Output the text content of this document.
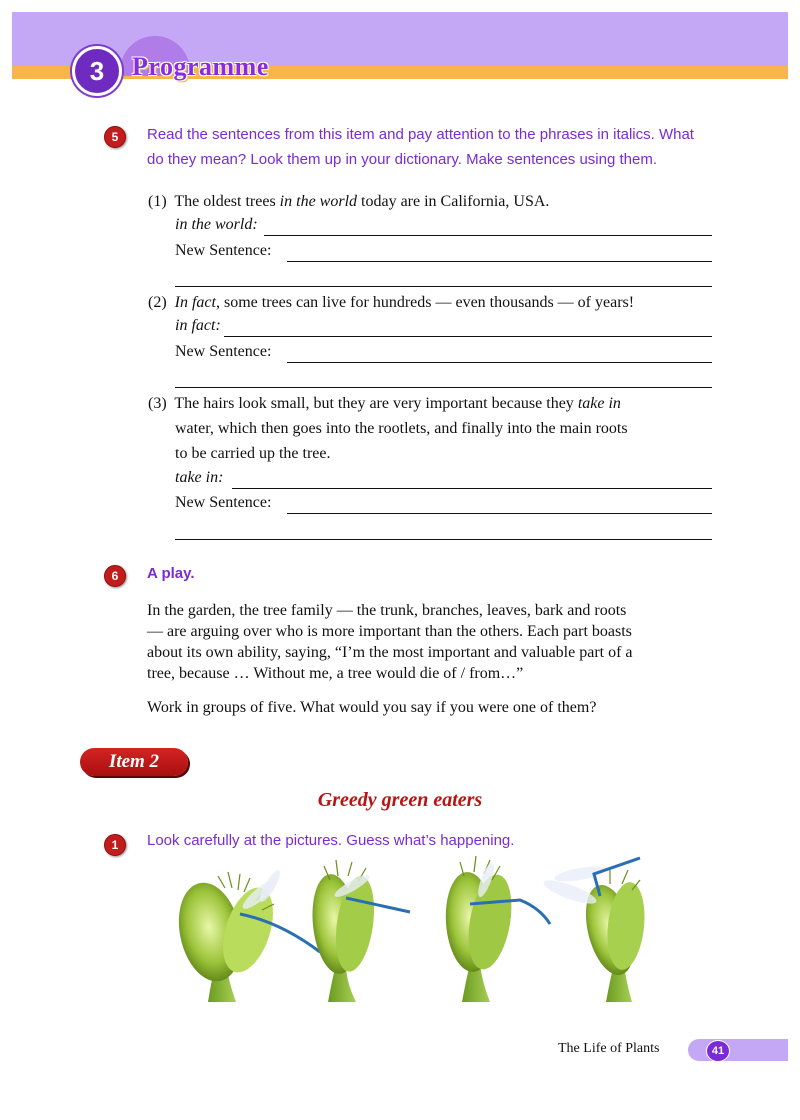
3	Programme
5	Read the sentences from this item and pay attention to the phrases in italics. What
do they mean? Look them up in your dictionary. Make sentences using them.
(1) The oldest trees in the world today are in California, USA.
in the world:
New Sentence:
(2) In fact, some trees can live for hundreds — even thousands — of years!
in fact:
New Sentence:
(3) The hairs look small, but they are very important because they take in
water, which then goes into the rootlets, and finally into the main roots
to be carried up the tree.
take in:
New Sentence:
6	A play.
In the garden, the tree family — the trunk, branches, leaves, bark and roots
— are arguing over who is more important than the others. Each part boasts
about its own ability, saying, “I’m the most important and valuable part of a
tree, because … Without me, a tree would die of / from…”
Work in groups of five. What would you say if you were one of them?
Item 2
Greedy green eaters
1	Look carefully at the pictures. Guess what’s happening.
The Life of Plants	41
